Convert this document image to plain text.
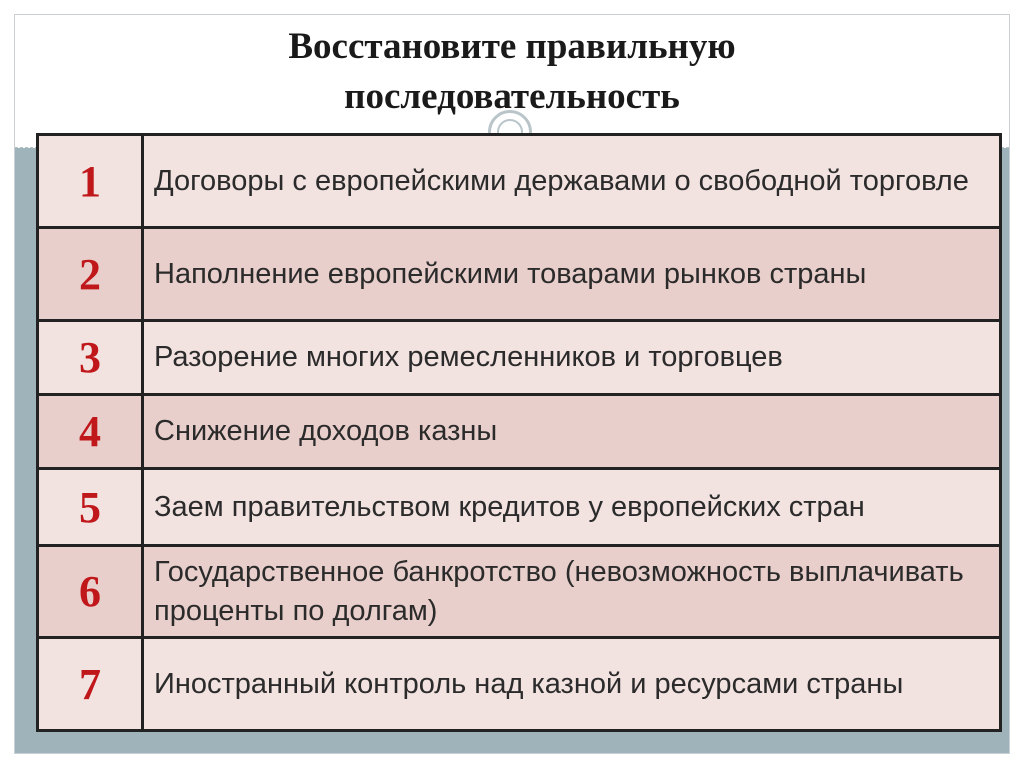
Восстановите правильную
последовательность
1	Договоры с европейскими державами о свободной торговле
2	Наполнение европейскими товарами рынков страны
3	Разорение многих ремесленников и торговцев
4	Снижение доходов казны
5	Заем правительством кредитов у европейских стран
6	Государственное банкротство (невозможность выплачивать проценты по долгам)
7	Иностранный контроль над казной и ресурсами страны
